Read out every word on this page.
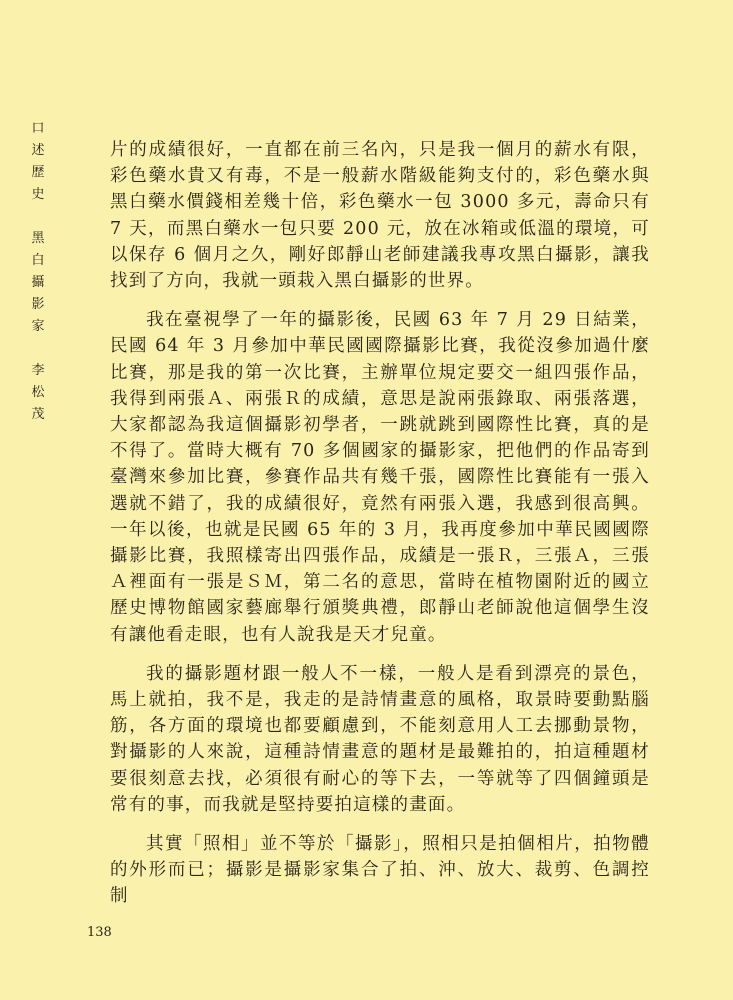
口
述
歷
史
黑
白
攝
影
家
李
松
茂

片的成績很好，一直都在前三名內，只是我一個月的薪水有限，彩色藥水貴又有毒，不是一般薪水階級能夠支付的，彩色藥水與黑白藥水價錢相差幾十倍，彩色藥水一包 3000 多元，壽命只有 7 天，而黑白藥水一包只要 200 元，放在冰箱或低溫的環境，可以保存 6 個月之久，剛好郎靜山老師建議我專攻黑白攝影，讓我找到了方向，我就一頭栽入黑白攝影的世界。

我在臺視學了一年的攝影後，民國 63 年 7 月 29 日結業，民國 64 年 3 月參加中華民國國際攝影比賽，我從沒參加過什麼比賽，那是我的第一次比賽，主辦單位規定要交一組四張作品，我得到兩張Ａ、兩張Ｒ的成績，意思是說兩張錄取、兩張落選，大家都認為我這個攝影初學者，一跳就跳到國際性比賽，真的是不得了。當時大概有 70 多個國家的攝影家，把他們的作品寄到臺灣來參加比賽，參賽作品共有幾千張，國際性比賽能有一張入選就不錯了，我的成績很好，竟然有兩張入選，我感到很高興。一年以後，也就是民國 65 年的 3 月，我再度參加中華民國國際攝影比賽，我照樣寄出四張作品，成績是一張Ｒ，三張Ａ，三張Ａ裡面有一張是ＳＭ，第二名的意思，當時在植物園附近的國立歷史博物館國家藝廊舉行頒獎典禮，郎靜山老師說他這個學生沒有讓他看走眼，也有人說我是天才兒童。

我的攝影題材跟一般人不一樣，一般人是看到漂亮的景色，馬上就拍，我不是，我走的是詩情畫意的風格，取景時要動點腦筋，各方面的環境也都要顧慮到，不能刻意用人工去挪動景物，對攝影的人來說，這種詩情畫意的題材是最難拍的，拍這種題材要很刻意去找，必須很有耐心的等下去，一等就等了四個鐘頭是常有的事，而我就是堅持要拍這樣的畫面。

其實「照相」並不等於「攝影」，照相只是拍個相片，拍物體的外形而已；攝影是攝影家集合了拍、沖、放大、裁剪、色調控制

138
